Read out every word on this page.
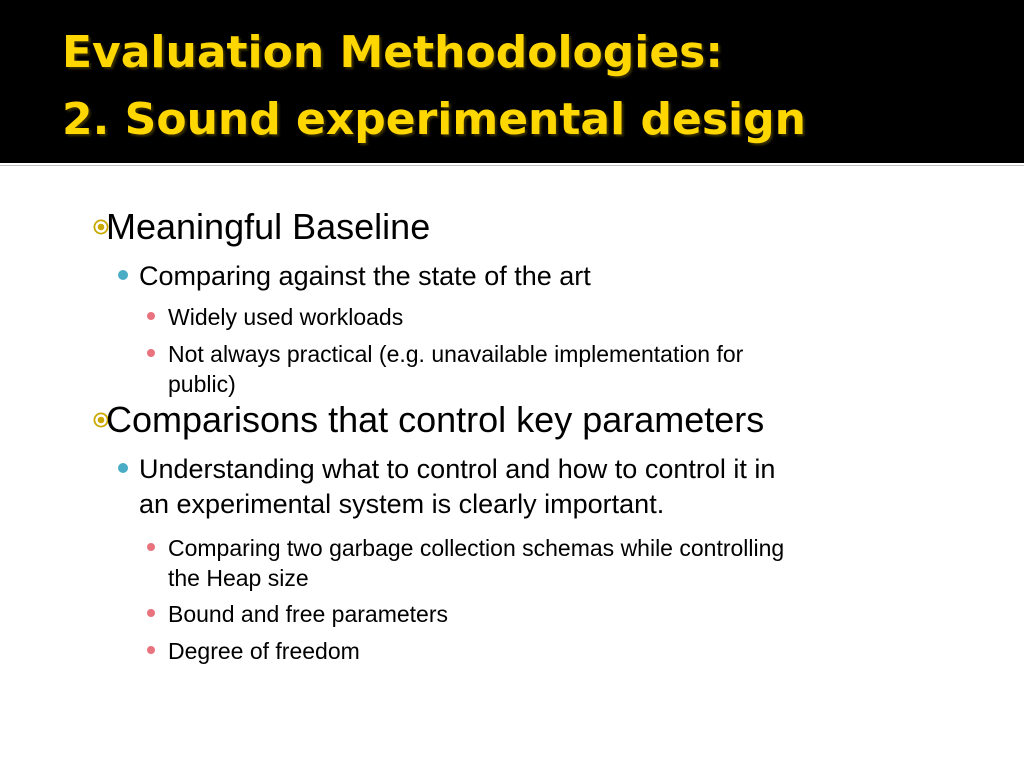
Evaluation Methodologies:
2. Sound experimental design
Meaningful Baseline
Comparing against the state of the art
Widely used workloads
Not always practical (e.g. unavailable implementation for
public)
Comparisons that control key parameters
Understanding what to control and how to control it in
an experimental system is clearly important.
Comparing two garbage collection schemas while controlling
the Heap size
Bound and free parameters
Degree of freedom
